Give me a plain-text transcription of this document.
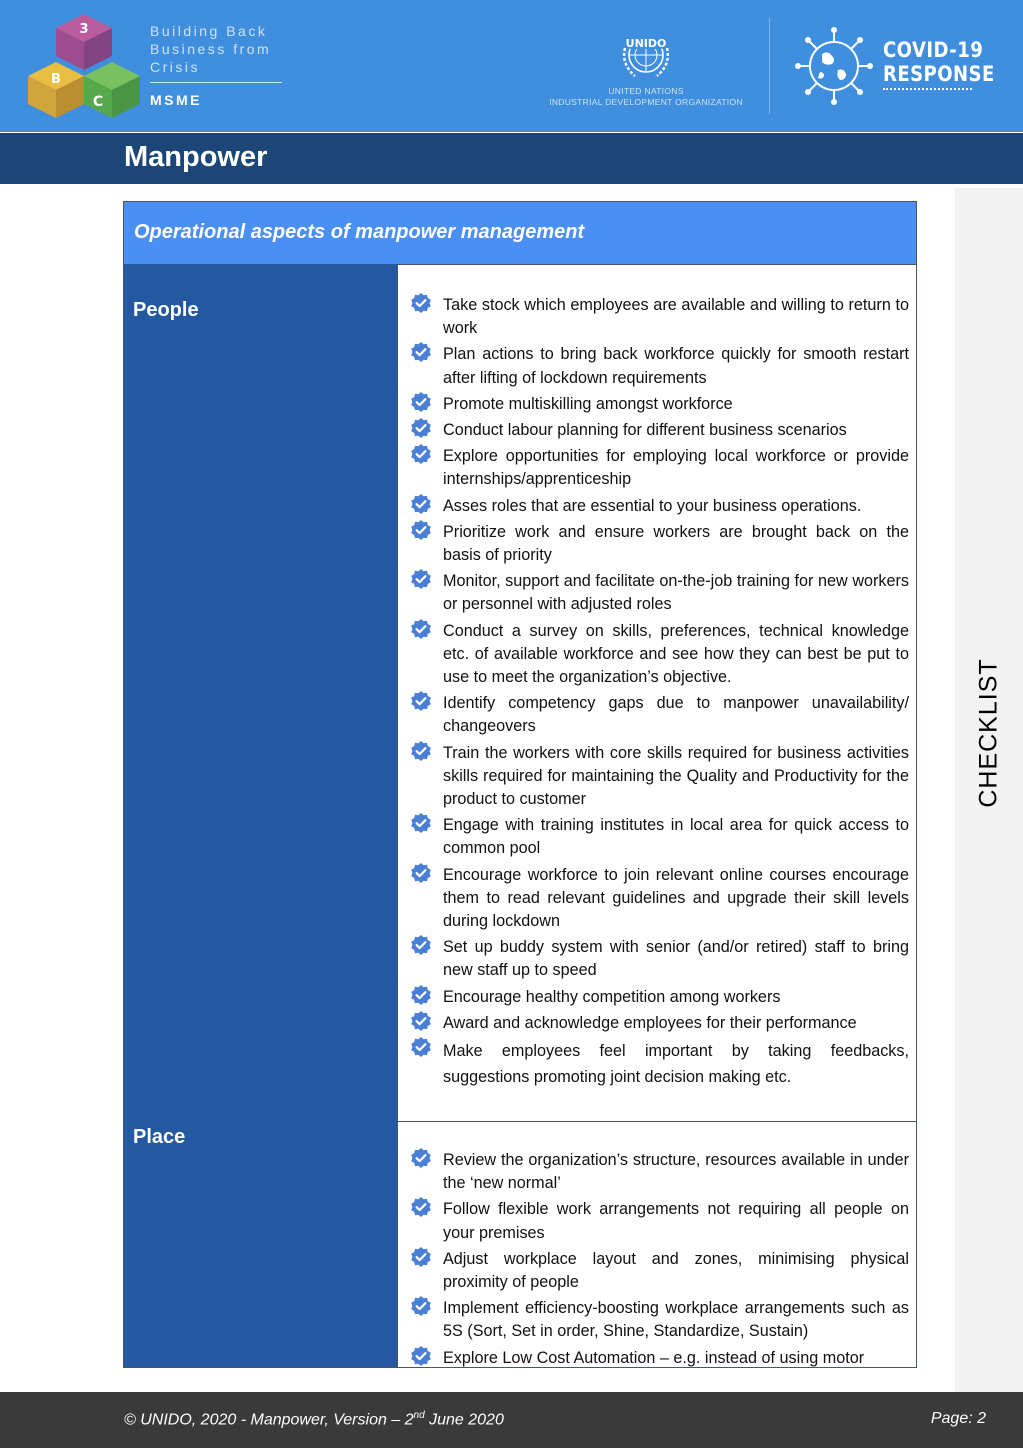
3
B
C
Building Back
Business from
Crisis
MSME
UNIDO
UNITED NATIONS
INDUSTRIAL DEVELOPMENT ORGANIZATION
COVID-19
RESPONSE
Manpower
CHECKLIST
Operational aspects of manpower management
People	Take stock which employees are available and willing to return to work
Plan actions to bring back workforce quickly for smooth restart after lifting of lockdown requirements
Promote multiskilling amongst workforce
Conduct labour planning for different business scenarios
Explore opportunities for employing local workforce or provide internships/apprenticeship
Asses roles that are essential to your business operations.
Prioritize work and ensure workers are brought back on the basis of priority
Monitor, support and facilitate on-the-job training for new workers or personnel with adjusted roles
Conduct a survey on skills, preferences, technical knowledge etc. of available workforce and see how they can best be put to use to meet the organization’s objective.
Identify competency gaps due to manpower unavailability/ changeovers
Train the workers with core skills required for business activities skills required for maintaining the Quality and Productivity for the product to customer
Engage with training institutes in local area for quick access to common pool
Encourage workforce to join relevant online courses encourage them to read relevant guidelines and upgrade their skill levels during lockdown
Set up buddy system with senior (and/or retired) staff to bring new staff up to speed
Encourage healthy competition among workers
Award and acknowledge employees for their performance
Make employees feel important by taking feedbacks, suggestions promoting joint decision making etc.
Place
Review the organization’s structure, resources available in under the ‘new normal’
Follow flexible work arrangements not requiring all people on your premises
Adjust workplace layout and zones, minimising physical proximity of people
Implement efficiency-boosting workplace arrangements such as 5S (Sort, Set in order, Shine, Standardize, Sustain)
Explore Low Cost Automation – e.g. instead of using motor
© UNIDO, 2020 - Manpower, Version – 2nd June 2020	Page: 2
